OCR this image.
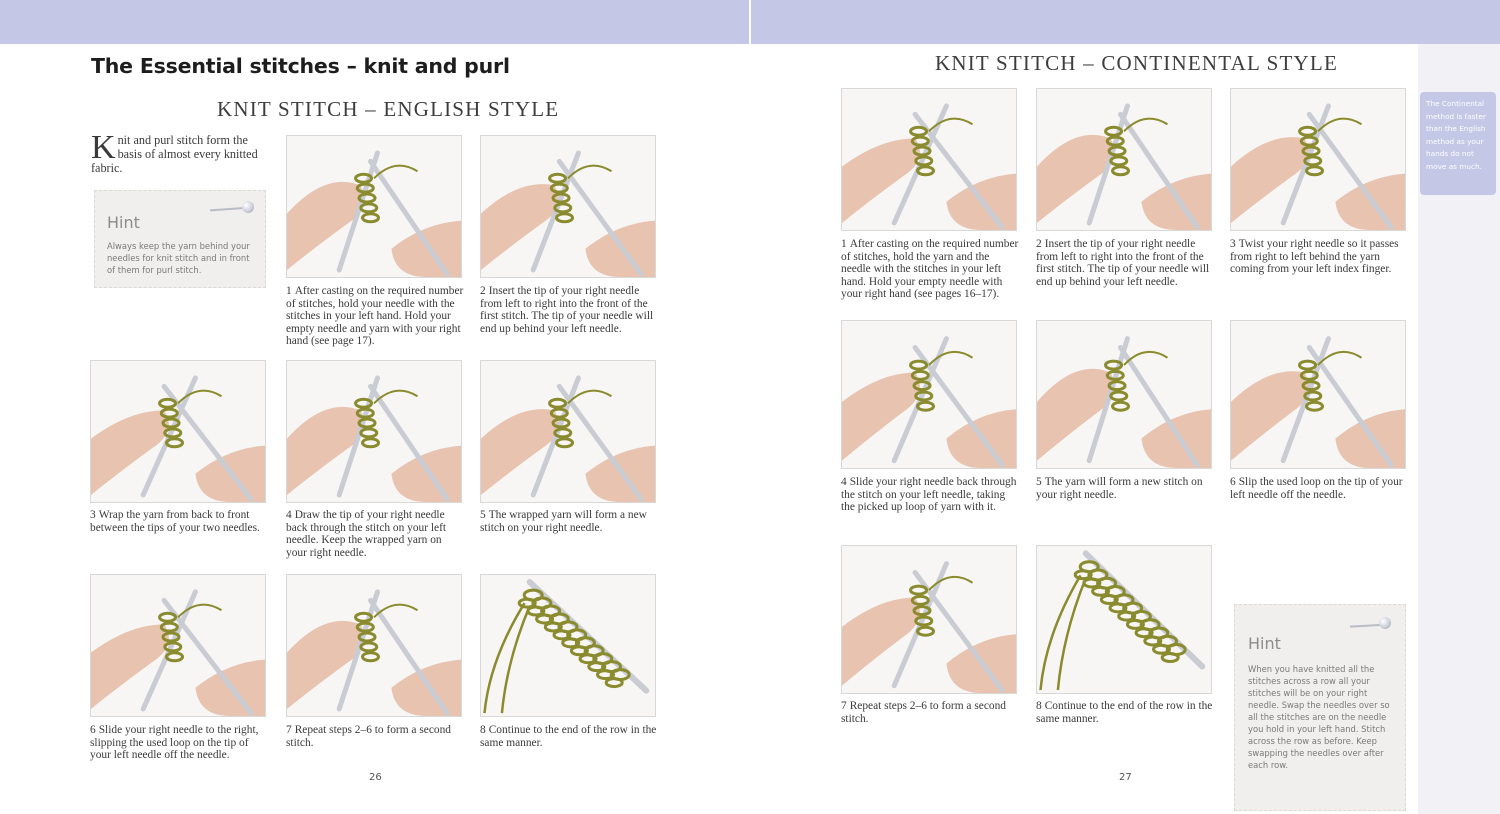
The Essential stitches – knit and purl
KNIT STITCH – ENGLISH STYLE
Knit and purl stitch form the basis of almost every knitted fabric.
Hint
Always keep the yarn behind your needles for knit stitch and in front of them for purl stitch.
1 After casting on the required number of stitches, hold your needle with the stitches in your left hand. Hold your empty needle and yarn with your right hand (see page 17).
2 Insert the tip of your right needle from left to right into the front of the first stitch. The tip of your needle will end up behind your left needle.
3 Wrap the yarn from back to front between the tips of your two needles.
4 Draw the tip of your right needle back through the stitch on your left needle. Keep the wrapped yarn on your right needle.
5 The wrapped yarn will form a new stitch on your right needle.
6 Slide your right needle to the right, slipping the used loop on the tip of your left needle off the needle.
7 Repeat steps 2–6 to form a second stitch.
8 Continue to the end of the row in the same manner.
26
KNIT STITCH – CONTINENTAL STYLE
The Continental method is faster than the English method as your hands do not move as much.
1 After casting on the required number of stitches, hold the yarn and the needle with the stitches in your left hand. Hold your empty needle with your right hand (see pages 16–17).
2 Insert the tip of your right needle from left to right into the front of the first stitch. The tip of your needle will end up behind your left needle.
3 Twist your right needle so it passes from right to left behind the yarn coming from your left index finger.
4 Slide your right needle back through the stitch on your left needle, taking the picked up loop of yarn with it.
5 The yarn will form a new stitch on your right needle.
6 Slip the used loop on the tip of your left needle off the needle.
7 Repeat steps 2–6 to form a second stitch.
8 Continue to the end of the row in the same manner.
Hint
When you have knitted all the stitches across a row all your stitches will be on your right needle. Swap the needles over so all the stitches are on the needle you hold in your left hand. Stitch across the row as before. Keep swapping the needles over after each row.
27
